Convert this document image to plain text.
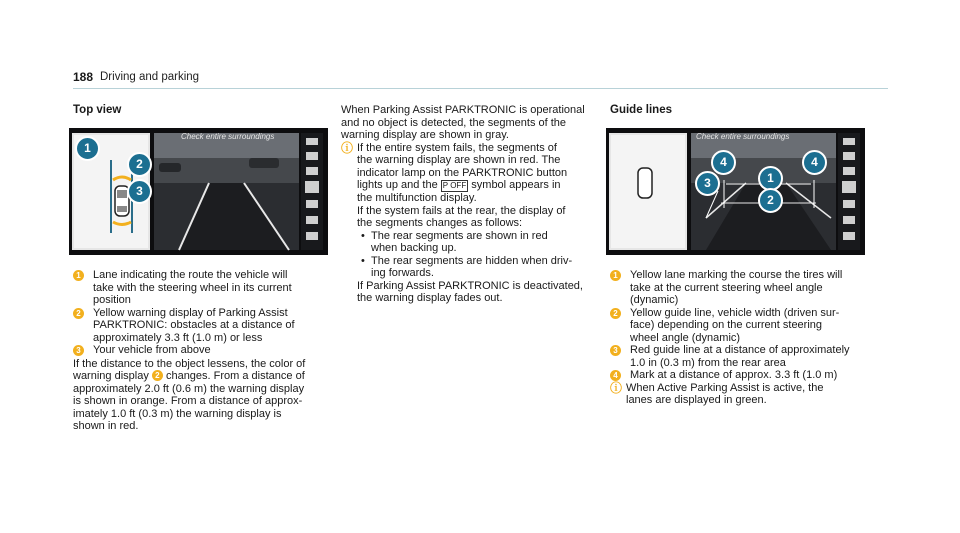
188 Driving and parking
Top view
Check entire surroundings
1
2
3
1 Lane indicating the route the vehicle will
take with the steering wheel in its current
position
2 Yellow warning display of Parking Assist
PARKTRONIC: obstacles at a distance of
approximately 3.3 ft (1.0 m) or less
3 Your vehicle from above
If the distance to the object lessens, the color of
warning display 2 changes. From a distance of
approximately 2.0 ft (0.6 m) the warning display
is shown in orange. From a distance of approx-
imately 1.0 ft (0.3 m) the warning display is
shown in red.
When Parking Assist PARKTRONIC is operational
and no object is detected, the segments of the
warning display are shown in gray.
ⓘ If the entire system fails, the segments of
the warning display are shown in red. The
indicator lamp on the PARKTRONIC button
lights up and the P OFF symbol appears in
the multifunction display.
If the system fails at the rear, the display of
the segments changes as follows:
• The rear segments are shown in red
when backing up.
• The rear segments are hidden when driv-
ing forwards.
If Parking Assist PARKTRONIC is deactivated,
the warning display fades out.
Guide lines
Check entire surroundings
4	4
1
3
2
1 Yellow lane marking the course the tires will
take at the current steering wheel angle
(dynamic)
2 Yellow guide line, vehicle width (driven sur-
face) depending on the current steering
wheel angle (dynamic)
3 Red guide line at a distance of approximately
1.0 in (0.3 m) from the rear area
4 Mark at a distance of approx. 3.3 ft (1.0 m)
ⓘ When Active Parking Assist is active, the
lanes are displayed in green.
